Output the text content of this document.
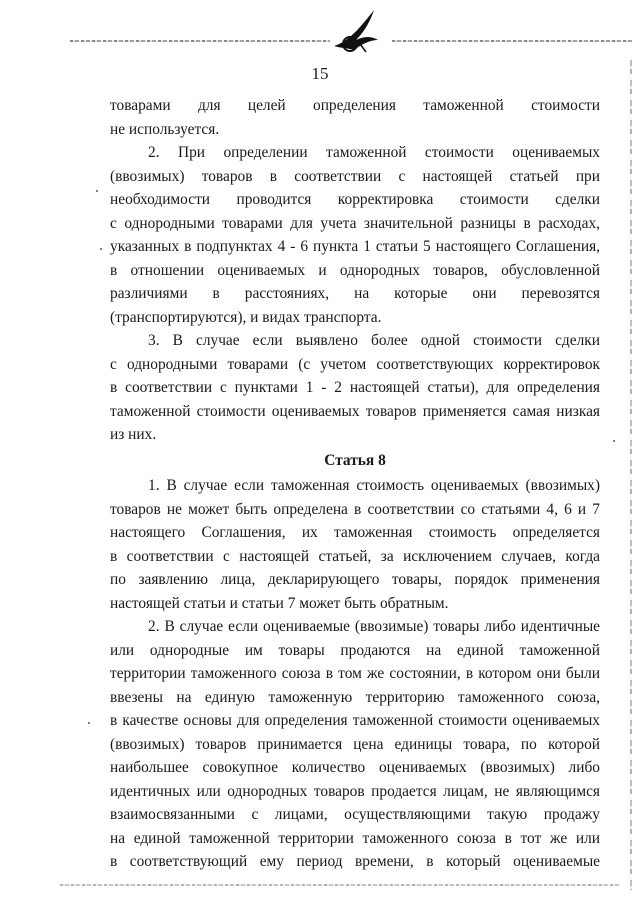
15
товарами для целей определения таможенной стоимости
не используется.
2. При определении таможенной стоимости оцениваемых
(ввозимых) товаров в соответствии с настоящей статьей при
необходимости проводится корректировка стоимости сделки
с однородными товарами для учета значительной разницы в расходах,
указанных в подпунктах 4 - 6 пункта 1 статьи 5 настоящего Соглашения,
в отношении оцениваемых и однородных товаров, обусловленной
различиями в расстояниях, на которые они перевозятся
(транспортируются), и видах транспорта.
3. В случае если выявлено более одной стоимости сделки
с однородными товарами (с учетом соответствующих корректировок
в соответствии с пунктами 1 - 2 настоящей статьи), для определения
таможенной стоимости оцениваемых товаров применяется самая низкая
из них.
Статья 8
1. В случае если таможенная стоимость оцениваемых (ввозимых)
товаров не может быть определена в соответствии со статьями 4, 6 и 7
настоящего Соглашения, их таможенная стоимость определяется
в соответствии с настоящей статьей, за исключением случаев, когда
по заявлению лица, декларирующего товары, порядок применения
настоящей статьи и статьи 7 может быть обратным.
2. В случае если оцениваемые (ввозимые) товары либо идентичные
или однородные им товары продаются на единой таможенной
территории таможенного союза в том же состоянии, в котором они были
ввезены на единую таможенную территорию таможенного союза,
в качестве основы для определения таможенной стоимости оцениваемых
(ввозимых) товаров принимается цена единицы товара, по которой
наибольшее совокупное количество оцениваемых (ввозимых) либо
идентичных или однородных товаров продается лицам, не являющимся
взаимосвязанными с лицами, осуществляющими такую продажу
на единой таможенной территории таможенного союза в тот же или
в соответствующий ему период времени, в который оцениваемые
